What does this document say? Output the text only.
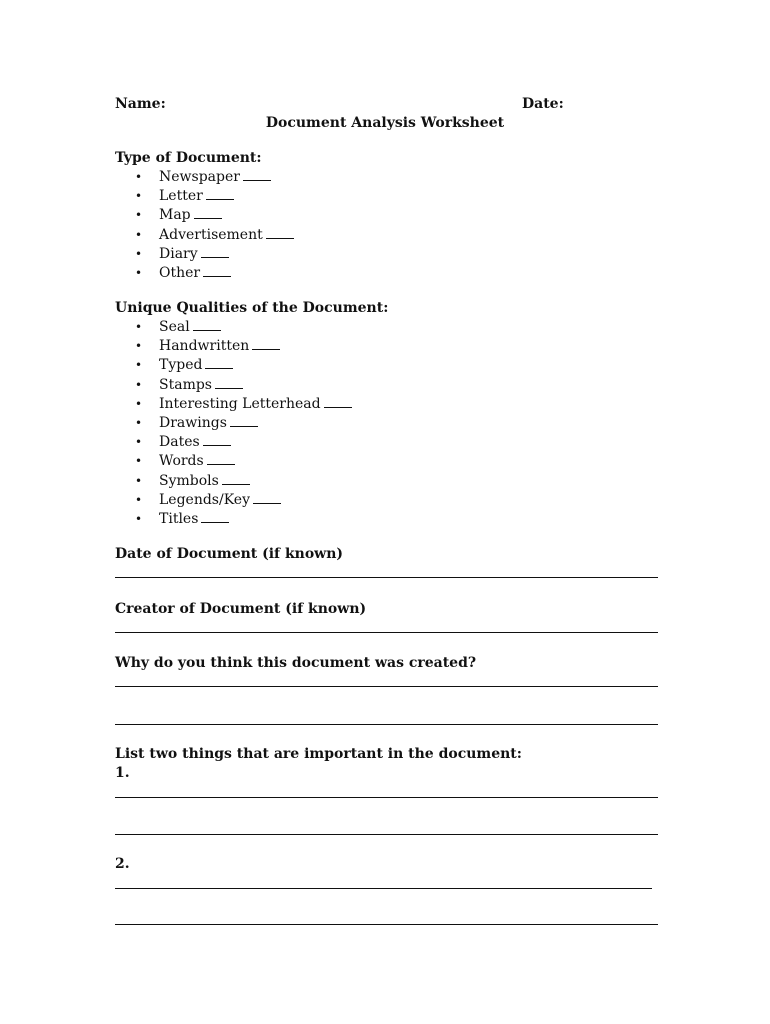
Name:	Date:
Document Analysis Worksheet
Type of Document:
• Newspaper
• Letter
• Map
• Advertisement
• Diary
• Other
Unique Qualities of the Document:
• Seal
• Handwritten
• Typed
• Stamps
• Interesting Letterhead
• Drawings
• Dates
• Words
• Symbols
• Legends/Key
• Titles
Date of Document (if known)
Creator of Document (if known)
Why do you think this document was created?
List two things that are important in the document:
1.
2.
